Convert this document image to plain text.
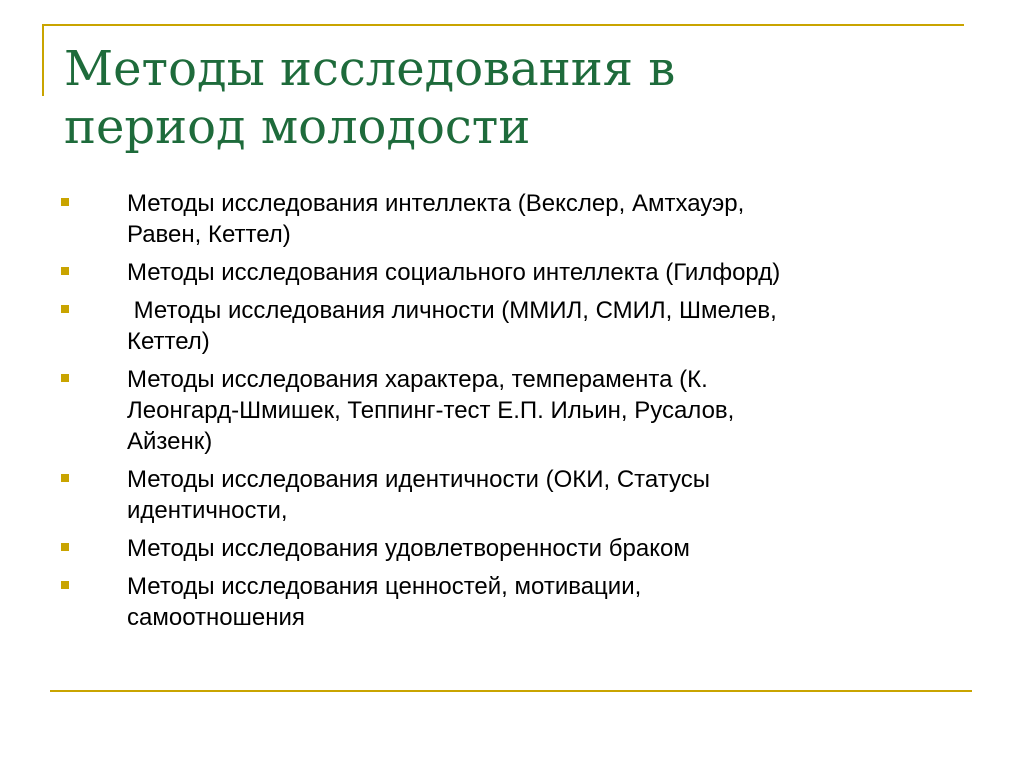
Методы исследования в
период молодости
Методы исследования интеллекта (Векслер, Амтхауэр,
Равен, Кеттел)
Методы исследования социального интеллекта (Гилфорд)
Методы исследования личности (ММИЛ, СМИЛ, Шмелев,
Кеттел)
Методы исследования характера, темперамента (К.
Леонгард-Шмишек, Теппинг-тест Е.П. Ильин, Русалов,
Айзенк)
Методы исследования идентичности (ОКИ, Статусы
идентичности,
Методы исследования удовлетворенности браком
Методы исследования ценностей, мотивации,
самоотношения
